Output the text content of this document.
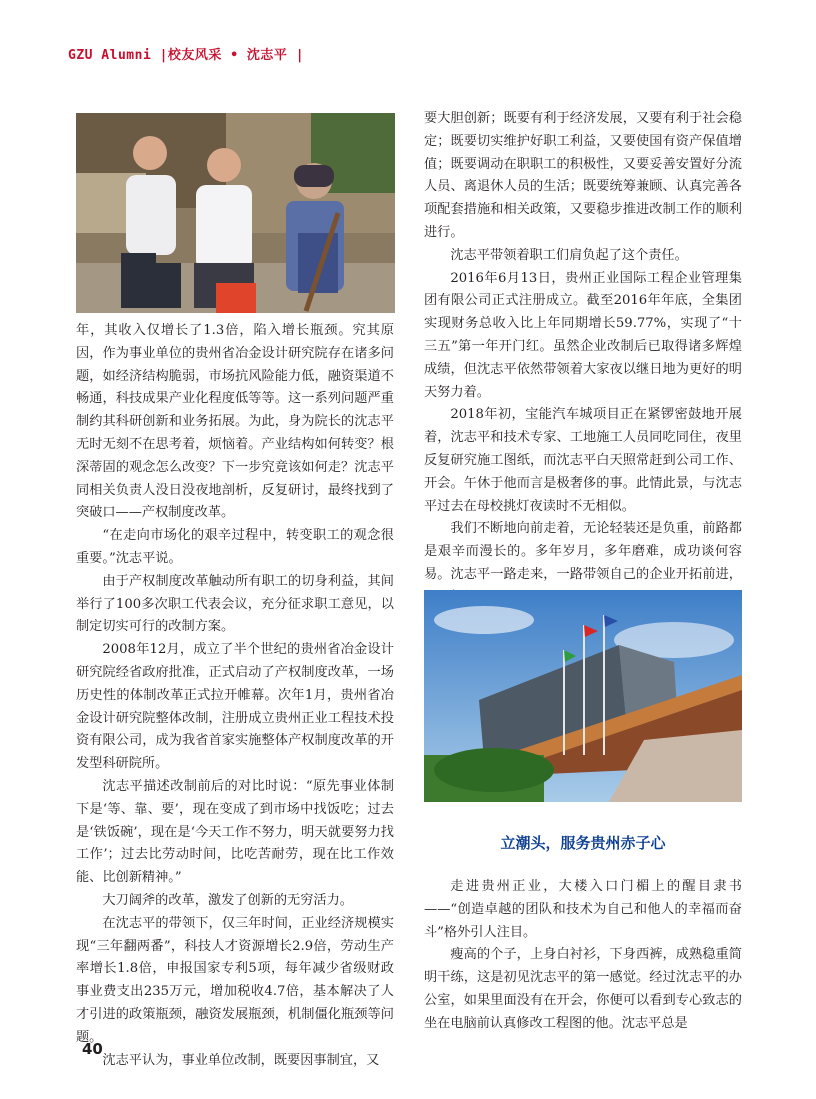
GZU Alumni |校友风采 • 沈志平 |

年，其收入仅增长了1.3倍，陷入增长瓶颈。究其原因，作为事业单位的贵州省冶金设计研究院存在诸多问题，如经济结构脆弱，市场抗风险能力低，融资渠道不畅通，科技成果产业化程度低等等。这一系列问题严重制约其科研创新和业务拓展。为此，身为院长的沈志平无时无刻不在思考着，烦恼着。产业结构如何转变？根深蒂固的观念怎么改变？下一步究竟该如何走？沈志平同相关负责人没日没夜地剖析，反复研讨，最终找到了突破口——产权制度改革。

“在走向市场化的艰辛过程中，转变职工的观念很重要。”沈志平说。

由于产权制度改革触动所有职工的切身利益，其间举行了100多次职工代表会议，充分征求职工意见，以制定切实可行的改制方案。

2008年12月，成立了半个世纪的贵州省冶金设计研究院经省政府批准，正式启动了产权制度改革，一场历史性的体制改革正式拉开帷幕。次年1月，贵州省冶金设计研究院整体改制，注册成立贵州正业工程技术投资有限公司，成为我省首家实施整体产权制度改革的开发型科研院所。

沈志平描述改制前后的对比时说：“原先事业体制下是‘等、靠、要’，现在变成了到市场中找饭吃；过去是‘铁饭碗’，现在是‘今天工作不努力，明天就要努力找工作’；过去比劳动时间，比吃苦耐劳，现在比工作效能、比创新精神。”

大刀阔斧的改革，激发了创新的无穷活力。

在沈志平的带领下，仅三年时间，正业经济规模实现“三年翻两番”，科技人才资源增长2.9倍，劳动生产率增长1.8倍，申报国家专利5项，每年减少省级财政事业费支出235万元，增加税收4.7倍，基本解决了人才引进的政策瓶颈，融资发展瓶颈，机制僵化瓶颈等问题。

沈志平认为，事业单位改制，既要因事制宜，又

要大胆创新；既要有利于经济发展，又要有利于社会稳定；既要切实维护好职工利益，又要使国有资产保值增值；既要调动在职职工的积极性，又要妥善安置好分流人员、离退休人员的生活；既要统筹兼顾、认真完善各项配套措施和相关政策，又要稳步推进改制工作的顺利进行。

沈志平带领着职工们肩负起了这个责任。

2016年6月13日，贵州正业国际工程企业管理集团有限公司正式注册成立。截至2016年年底，全集团实现财务总收入比上年同期增长59.77%，实现了“十三五”第一年开门红。虽然企业改制后已取得诸多辉煌成绩，但沈志平依然带领着大家夜以继日地为更好的明天努力着。

2018年初，宝能汽车城项目正在紧锣密鼓地开展着，沈志平和技术专家、工地施工人员同吃同住，夜里反复研究施工图纸，而沈志平白天照常赶到公司工作、开会。午休于他而言是极奢侈的事。此情此景，与沈志平过去在母校挑灯夜读时不无相似。

我们不断地向前走着，无论轻装还是负重，前路都是艰辛而漫长的。多年岁月，多年磨难，成功谈何容易。沈志平一路走来，一路带领自己的企业开拓前进，

立潮头，服务贵州赤子心

走进贵州正业，大楼入口门楣上的醒目隶书——“创造卓越的团队和技术为自己和他人的幸福而奋斗”格外引人注目。

瘦高的个子，上身白衬衫，下身西裤，成熟稳重简明干练，这是初见沈志平的第一感觉。经过沈志平的办公室，如果里面没有在开会，你便可以看到专心致志的坐在电脑前认真修改工程图的他。沈志平总是

40
